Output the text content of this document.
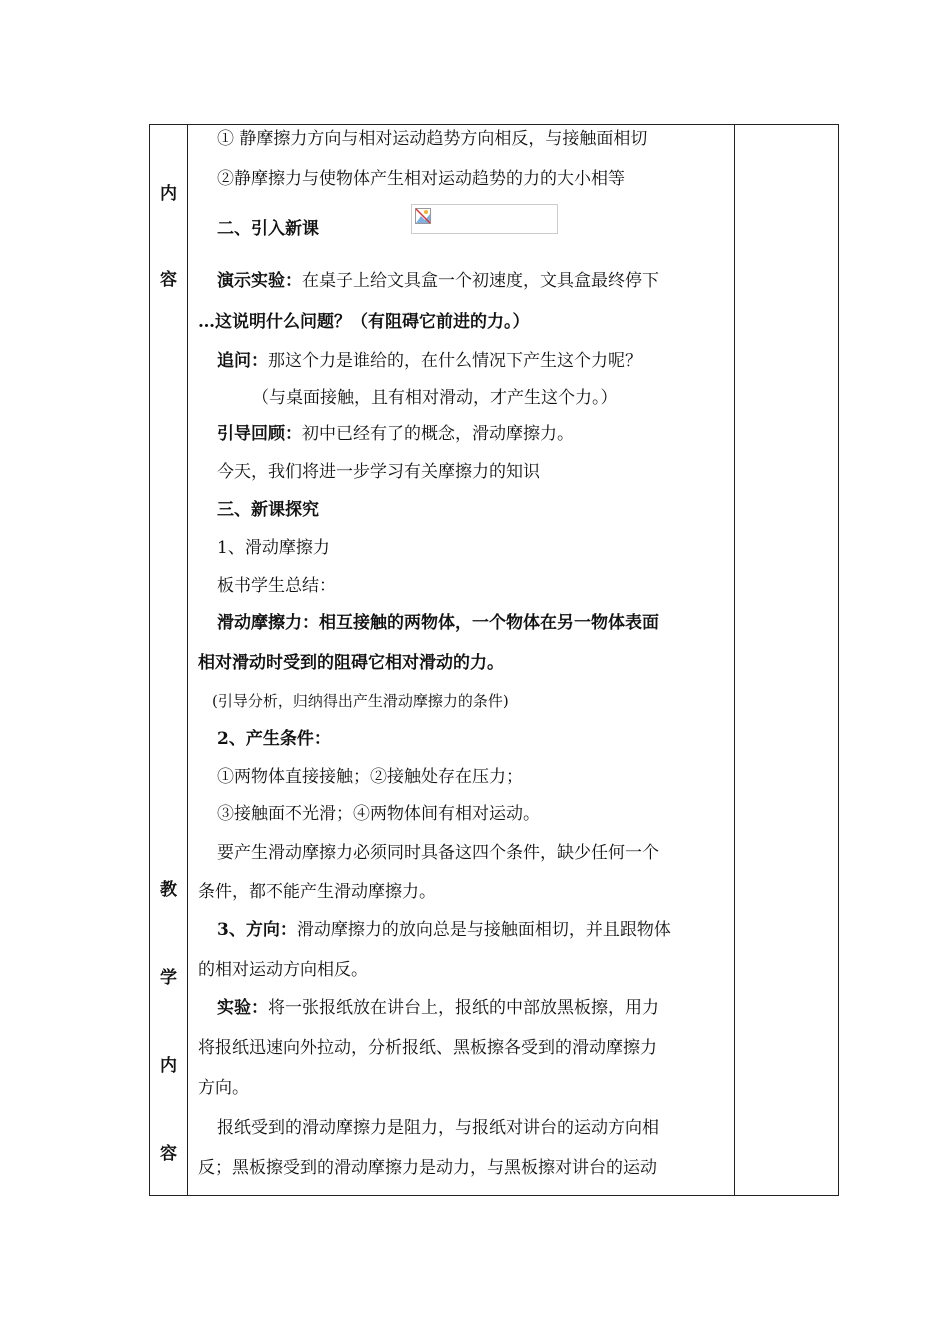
内
容
教
学
内
容
① 静摩擦力方向与相对运动趋势方向相反，与接触面相切
②静摩擦力与使物体产生相对运动趋势的力的大小相等
二、引入新课
演示实验：在桌子上给文具盒一个初速度，文具盒最终停下
…这说明什么问题？（有阻碍它前进的力。）
追问：那这个力是谁给的，在什么情况下产生这个力呢？
（与桌面接触，且有相对滑动，才产生这个力。）
引导回顾：初中已经有了的概念，滑动摩擦力。
今天，我们将进一步学习有关摩擦力的知识
三、新课探究
1、滑动摩擦力
板书学生总结：
滑动摩擦力：相互接触的两物体，一个物体在另一物体表面
相对滑动时受到的阻碍它相对滑动的力。
(引导分析，归纳得出产生滑动摩擦力的条件)
2、产生条件：
①两物体直接接触；②接触处存在压力；
③接触面不光滑；④两物体间有相对运动。
要产生滑动摩擦力必须同时具备这四个条件，缺少任何一个
条件，都不能产生滑动摩擦力。
3、方向：滑动摩擦力的放向总是与接触面相切，并且跟物体
的相对运动方向相反。
实验：将一张报纸放在讲台上，报纸的中部放黑板擦，用力
将报纸迅速向外拉动，分析报纸、黑板擦各受到的滑动摩擦力
方向。
报纸受到的滑动摩擦力是阻力，与报纸对讲台的运动方向相
反；黑板擦受到的滑动摩擦力是动力，与黑板擦对讲台的运动
